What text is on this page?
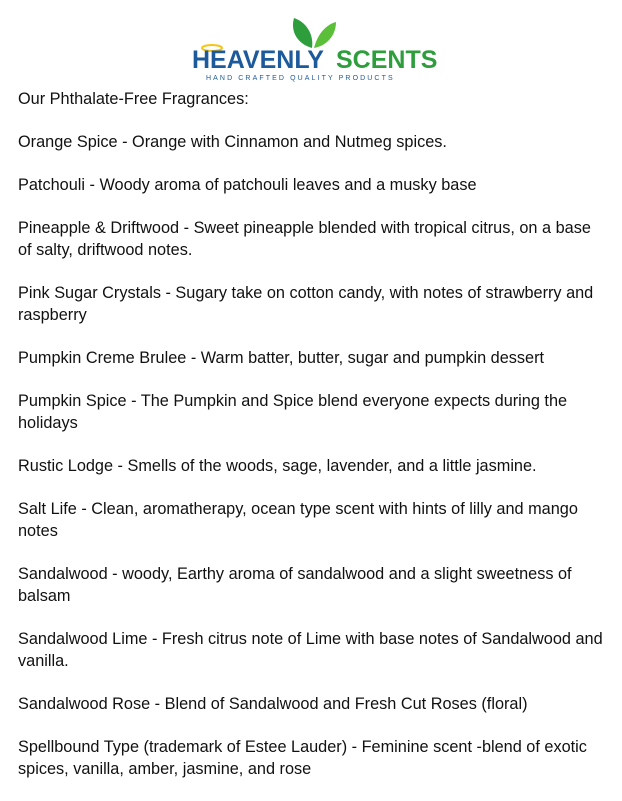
HEAVENLY SCENTS
HAND CRAFTED QUALITY PRODUCTS
Our Phthalate-Free Fragrances:
Orange Spice - Orange with Cinnamon and Nutmeg spices.
Patchouli - Woody aroma of patchouli leaves and a musky base
Pineapple & Driftwood - Sweet pineapple blended with tropical citrus, on a base of salty, driftwood notes.
Pink Sugar Crystals - Sugary take on cotton candy, with notes of strawberry and raspberry
Pumpkin Creme Brulee - Warm batter, butter, sugar and pumpkin dessert
Pumpkin Spice - The Pumpkin and Spice blend everyone expects during the holidays
Rustic Lodge - Smells of the woods, sage, lavender, and a little jasmine.
Salt Life - Clean, aromatherapy, ocean type scent with hints of lilly and mango notes
Sandalwood - woody, Earthy aroma of sandalwood and a slight sweetness of balsam
Sandalwood Lime - Fresh citrus note of Lime with base notes of Sandalwood and vanilla.
Sandalwood Rose - Blend of Sandalwood and Fresh Cut Roses (floral)
Spellbound Type (trademark of Estee Lauder) - Feminine scent -blend of exotic spices, vanilla, amber, jasmine, and rose
